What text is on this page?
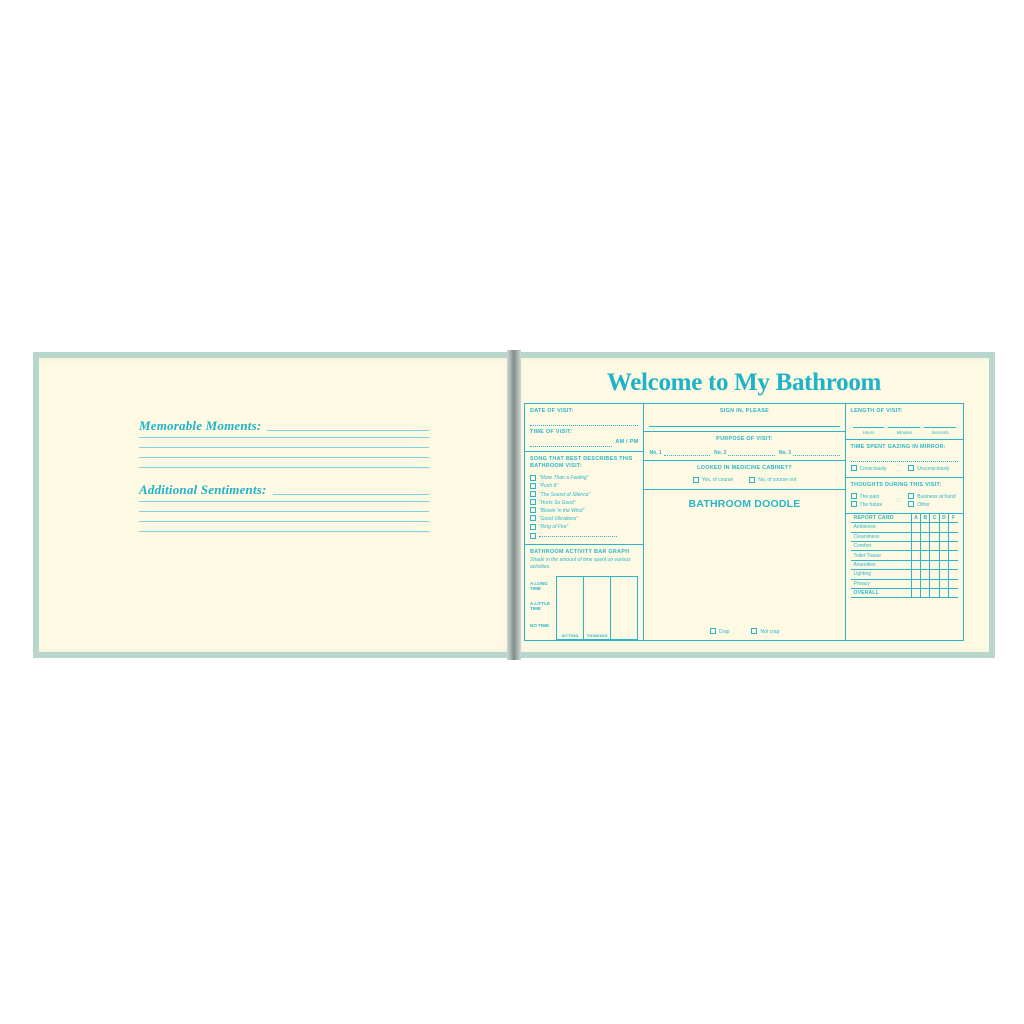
Memorable Moments:
Additional Sentiments:
Welcome to My Bathroom
DATE OF VISIT:
TIME OF VISIT:
AM / PM
SONG THAT BEST DESCRIBES THIS BATHROOM VISIT:
“More Than a Feeling”
“Push It”
“The Sound of Silence”
“Hurts So Good”
“Blowin’ in the Wind”
“Good Vibrations”
“Ring of Fire”
BATHROOM ACTIVITY BAR GRAPH
Shade in the amount of time spent on various activities.
A LONG TIME
A LITTLE TIME
NO TIME
SITTING	THINKING
SIGN IN, PLEASE
PURPOSE OF VISIT:
No. 1	No. 2	No. 3
LOOKED IN MEDICINE CABINET?
Yes, of course	No, of course not
BATHROOM DOODLE
Crap	Not crap
LENGTH OF VISIT:
Hours	Minutes	Seconds
TIME SPENT GAZING IN MIRROR:
Consciously	Unconsciously
THOUGHTS DURING THIS VISIT:
The past
The future
Business at hand
Other
REPORT CARD	A	B	C	D	F
Ambience					
Cleanliness					
Comfort					
Toilet Tissue					
Amenities					
Lighting					
Privacy					
OVERALL					
